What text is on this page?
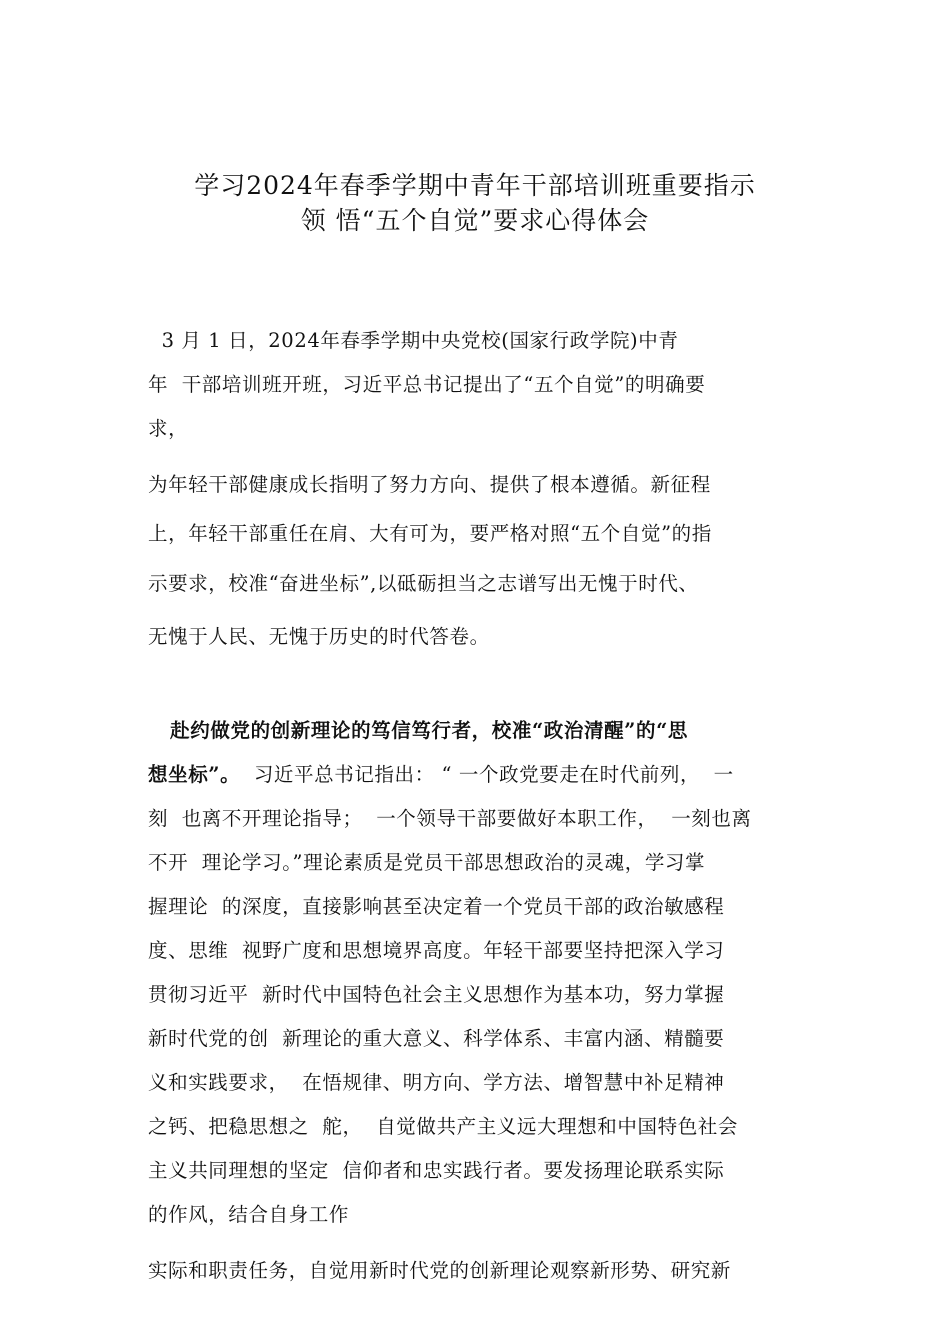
学习2024年春季学期中青年干部培训班重要指示
领 悟“五个自觉”要求心得体会
3 月 1 日，2024年春季学期中央党校(国家行政学院)中青
年  干部培训班开班，习近平总书记提出了“五个自觉”的明确要
求，
为年轻干部健康成长指明了努力方向、提供了根本遵循。新征程
上，年轻干部重任在肩、大有可为，要严格对照“五个自觉”的指
示要求，校准“奋进坐标”,以砥砺担当之志谱写出无愧于时代、
无愧于人民、无愧于历史的时代答卷。
赴约做党的创新理论的笃信笃行者，校准“政治清醒”的“思
想坐标”。  习近平总书记指出： “ 一个政党要走在时代前列，  一
刻  也离不开理论指导；  一个领导干部要做好本职工作，  一刻也离
不开  理论学习。”理论素质是党员干部思想政治的灵魂，学习掌
握理论  的深度，直接影响甚至决定着一个党员干部的政治敏感程
度、思维  视野广度和思想境界高度。年轻干部要坚持把深入学习
贯彻习近平  新时代中国特色社会主义思想作为基本功，努力掌握
新时代党的创  新理论的重大意义、科学体系、丰富内涵、精髓要
义和实践要求，  在悟规律、明方向、学方法、增智慧中补足精神
之钙、把稳思想之  舵，  自觉做共产主义远大理想和中国特色社会
主义共同理想的坚定  信仰者和忠实践行者。要发扬理论联系实际
的作风，结合自身工作
实际和职责任务，自觉用新时代党的创新理论观察新形势、研究新
